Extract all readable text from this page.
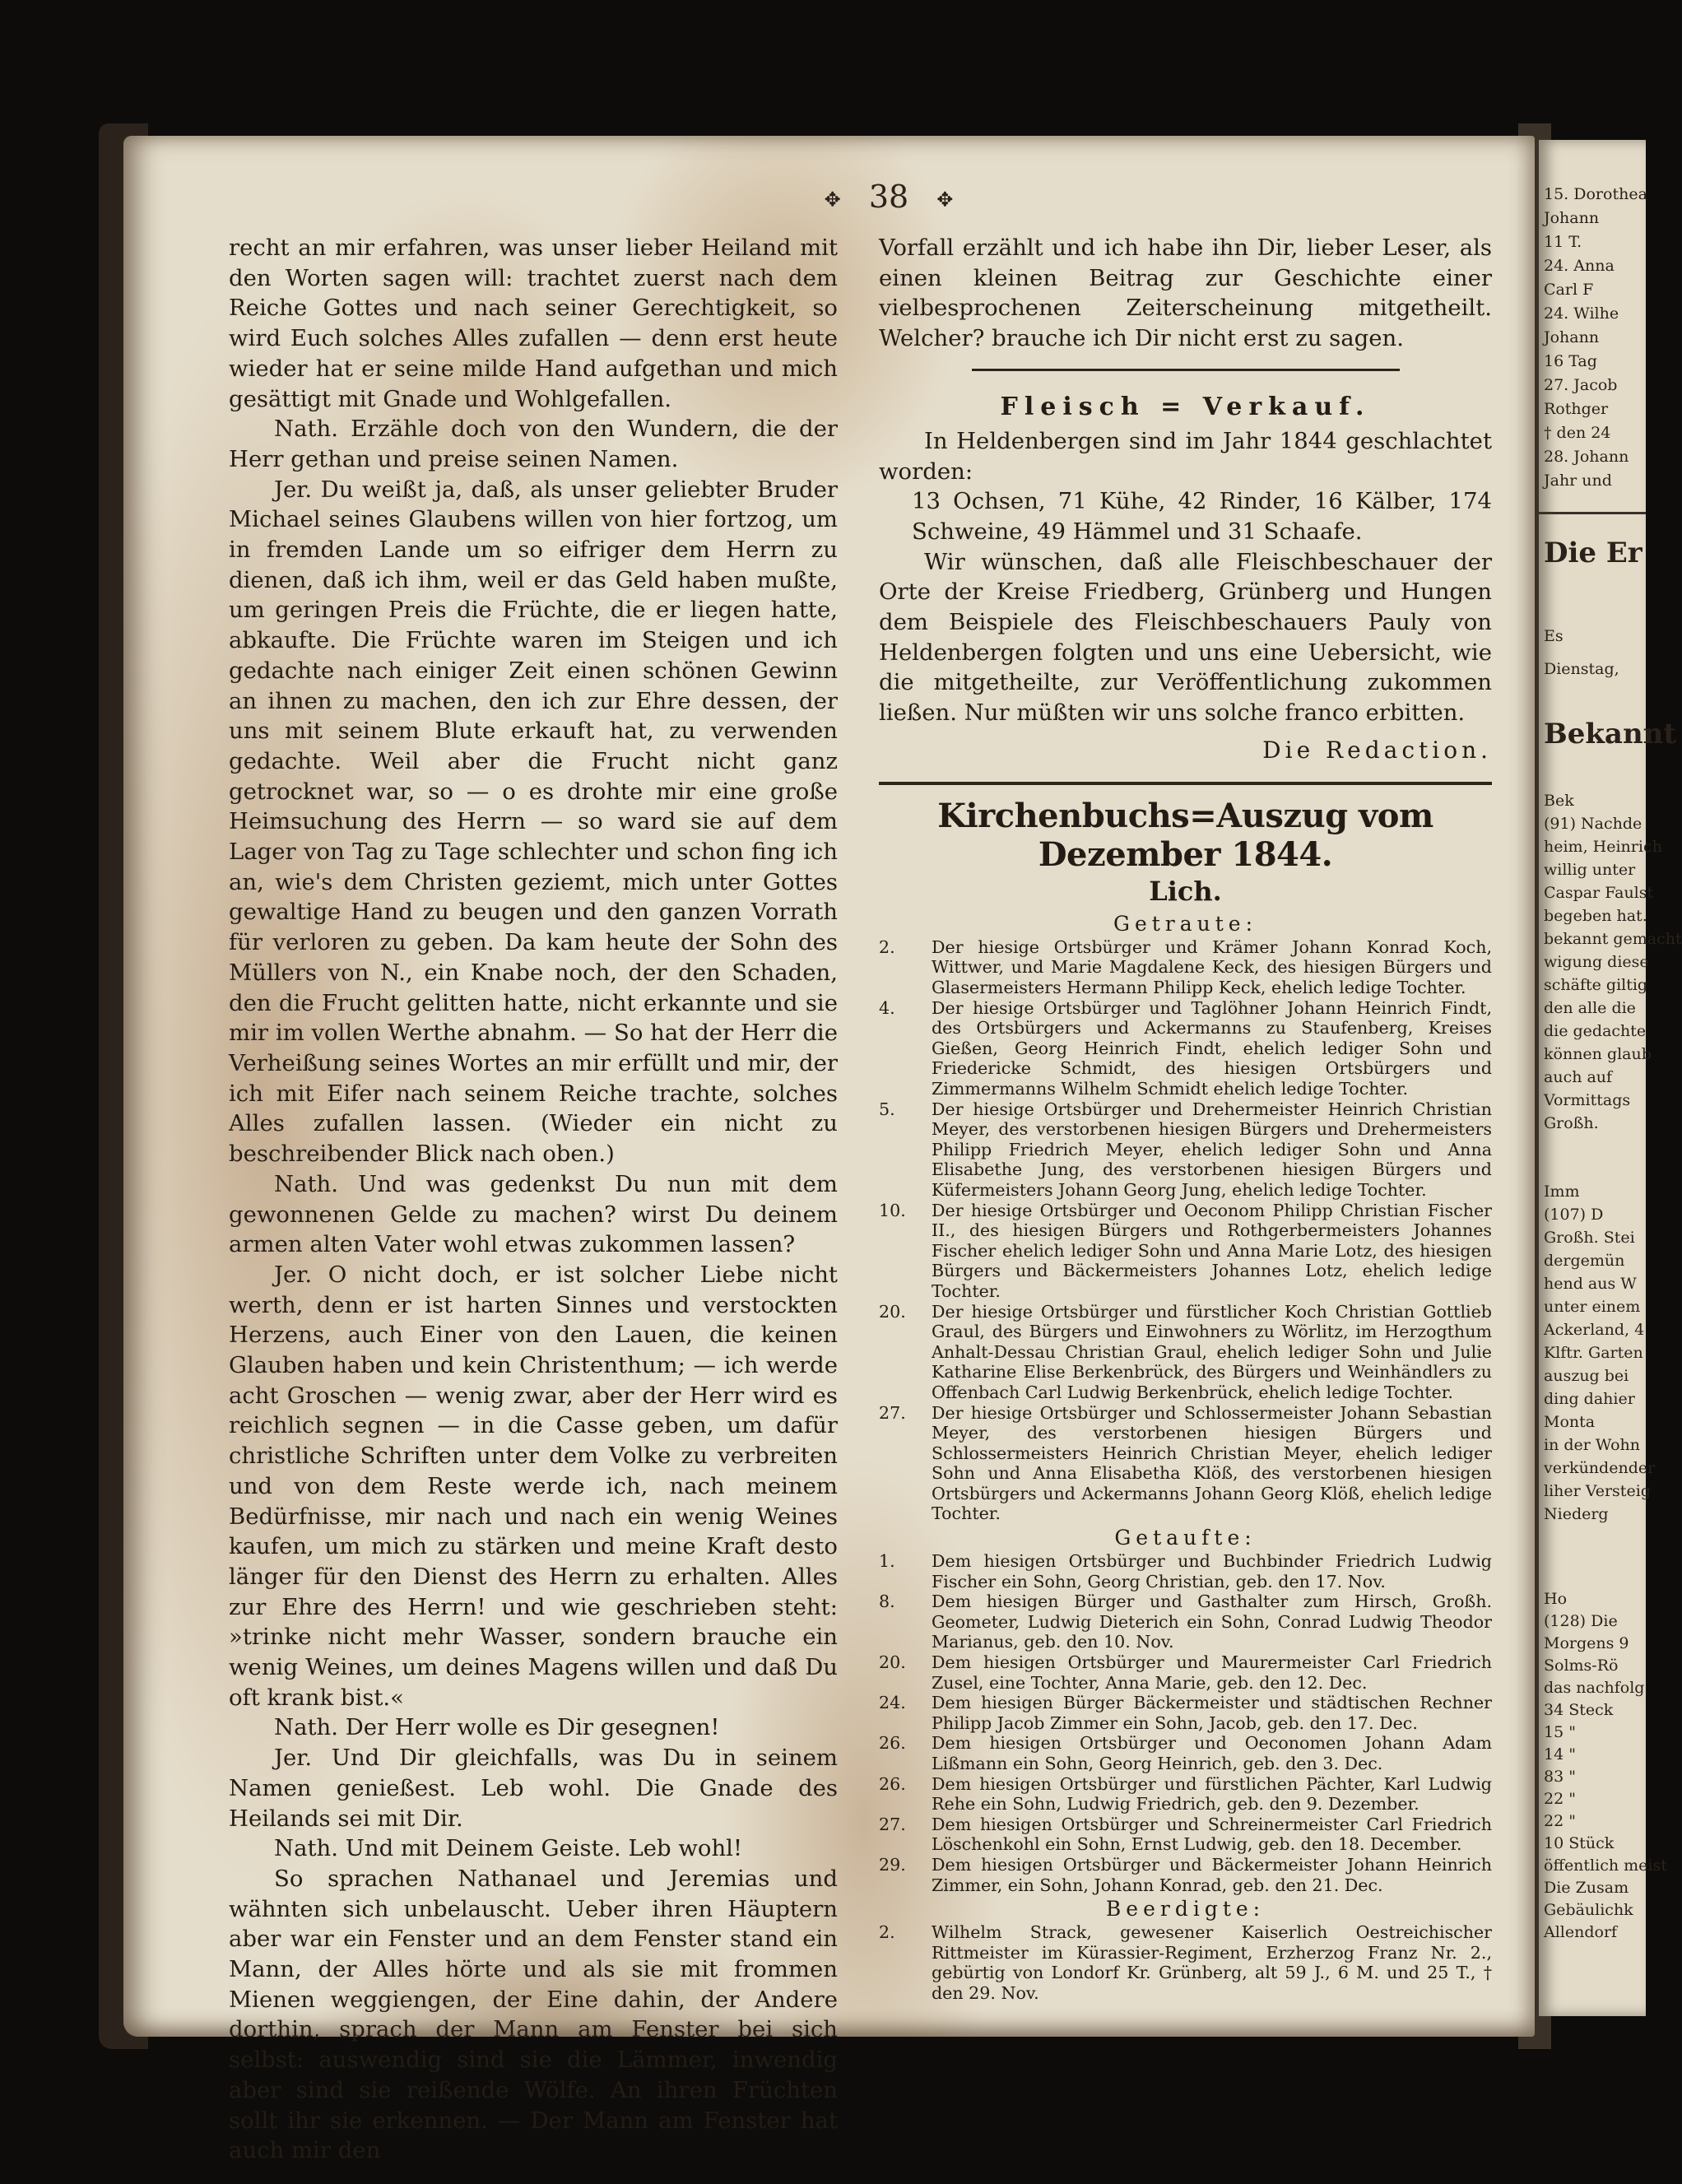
15. Dorothea
Johann
11 T.
24. Anna
Carl F
24. Wilhe
Johann
16 Tag
27. Jacob
Rothger
† den 24
28. Johann
Jahr und
Die Er
Es
Dienstag,
Bekannt
Bek
(91) Nachde
heim, Heinrich
willig unter
Caspar Faulst
begeben hat.
bekannt gemacht
wigung diese
schäfte giltig
den alle die
die gedachte
können glaub
auch auf
Vormittags
Großh.
Imm
(107) D
Großh. Stei
dergemün
hend aus W
unter einem
Ackerland, 4
Klftr. Garten
auszug bei
ding dahier
Monta
in der Wohn
verkündender
liher Versteig
Niederg
Ho
(128) Die
Morgens 9
Solms-Rö
das nachfolg
34 Steck
15 "
14 "
83 "
22 "
22 "
10 Stück
öffentlich meist
Die Zusam
Gebäulichk
Allendorf
✥ 38 ✥

recht an mir erfahren, was unser lieber Heiland mit den Worten sagen will: trachtet zuerst nach dem Reiche Gottes und nach seiner Gerechtigkeit, so wird Euch solches Alles zufallen — denn erst heute wieder hat er seine milde Hand aufgethan und mich gesättigt mit Gnade und Wohlgefallen.

Nath. Erzähle doch von den Wundern, die der Herr gethan und preise seinen Namen.

Jer. Du weißt ja, daß, als unser geliebter Bruder Michael seines Glaubens willen von hier fortzog, um in fremden Lande um so eifriger dem Herrn zu dienen, daß ich ihm, weil er das Geld haben mußte, um geringen Preis die Früchte, die er liegen hatte, abkaufte. Die Früchte waren im Steigen und ich gedachte nach einiger Zeit einen schönen Gewinn an ihnen zu machen, den ich zur Ehre dessen, der uns mit seinem Blute erkauft hat, zu verwenden gedachte. Weil aber die Frucht nicht ganz getrocknet war, so — o es drohte mir eine große Heimsuchung des Herrn — so ward sie auf dem Lager von Tag zu Tage schlechter und schon fing ich an, wie's dem Christen geziemt, mich unter Gottes gewaltige Hand zu beugen und den ganzen Vorrath für verloren zu geben. Da kam heute der Sohn des Müllers von N., ein Knabe noch, der den Schaden, den die Frucht gelitten hatte, nicht erkannte und sie mir im vollen Werthe abnahm. — So hat der Herr die Verheißung seines Wortes an mir erfüllt und mir, der ich mit Eifer nach seinem Reiche trachte, solches Alles zufallen lassen. (Wieder ein nicht zu beschreibender Blick nach oben.)

Nath. Und was gedenkst Du nun mit dem gewonnenen Gelde zu machen? wirst Du deinem armen alten Vater wohl etwas zukommen lassen?

Jer. O nicht doch, er ist solcher Liebe nicht werth, denn er ist harten Sinnes und verstockten Herzens, auch Einer von den Lauen, die keinen Glauben haben und kein Christenthum; — ich werde acht Groschen — wenig zwar, aber der Herr wird es reichlich segnen — in die Casse geben, um dafür christliche Schriften unter dem Volke zu verbreiten und von dem Reste werde ich, nach meinem Bedürfnisse, mir nach und nach ein wenig Weines kaufen, um mich zu stärken und meine Kraft desto länger für den Dienst des Herrn zu erhalten. Alles zur Ehre des Herrn! und wie geschrieben steht: »trinke nicht mehr Wasser, sondern brauche ein wenig Weines, um deines Magens willen und daß Du oft krank bist.«

Nath. Der Herr wolle es Dir gesegnen!

Jer. Und Dir gleichfalls, was Du in seinem Namen genießest. Leb wohl. Die Gnade des Heilands sei mit Dir.

Nath. Und mit Deinem Geiste. Leb wohl!

So sprachen Nathanael und Jeremias und wähnten sich unbelauscht. Ueber ihren Häuptern aber war ein Fenster und an dem Fenster stand ein Mann, der Alles hörte und als sie mit frommen Mienen weggiengen, der Eine dahin, der Andere dorthin, sprach der Mann am Fenster bei sich selbst: auswendig sind sie die Lämmer, inwendig aber sind sie reißende Wölfe. An ihren Früchten sollt ihr sie erkennen. — Der Mann am Fenster hat auch mir den

Vorfall erzählt und ich habe ihn Dir, lieber Leser, als einen kleinen Beitrag zur Geschichte einer vielbesprochenen Zeiterscheinung mitgetheilt. Welcher? brauche ich Dir nicht erst zu sagen.

Fleisch = Verkauf.

In Heldenbergen sind im Jahr 1844 geschlachtet worden:

13 Ochsen, 71 Kühe, 42 Rinder, 16 Kälber, 174 Schweine, 49 Hämmel und 31 Schaafe.

Wir wünschen, daß alle Fleischbeschauer der Orte der Kreise Friedberg, Grünberg und Hungen dem Beispiele des Fleischbeschauers Pauly von Heldenbergen folgten und uns eine Uebersicht, wie die mitgetheilte, zur Veröffentlichung zukommen ließen. Nur müßten wir uns solche franco erbitten.

Die Redaction.
Kirchenbuchs=Auszug vom Dezember 1844.
Lich.
Getraute:
2.	Der hiesige Ortsbürger und Krämer Johann Konrad Koch, Wittwer, und Marie Magdalene Keck, des hiesigen Bürgers und Glasermeisters Hermann Philipp Keck, ehelich ledige Tochter.
4.	Der hiesige Ortsbürger und Taglöhner Johann Heinrich Findt, des Ortsbürgers und Ackermanns zu Staufenberg, Kreises Gießen, Georg Heinrich Findt, ehelich lediger Sohn und Friedericke Schmidt, des hiesigen Ortsbürgers und Zimmermanns Wilhelm Schmidt ehelich ledige Tochter.
5.	Der hiesige Ortsbürger und Drehermeister Heinrich Christian Meyer, des verstorbenen hiesigen Bürgers und Drehermeisters Philipp Friedrich Meyer, ehelich lediger Sohn und Anna Elisabethe Jung, des verstorbenen hiesigen Bürgers und Küfermeisters Johann Georg Jung, ehelich ledige Tochter.
10.	Der hiesige Ortsbürger und Oeconom Philipp Christian Fischer II., des hiesigen Bürgers und Rothgerbermeisters Johannes Fischer ehelich lediger Sohn und Anna Marie Lotz, des hiesigen Bürgers und Bäckermeisters Johannes Lotz, ehelich ledige Tochter.
20.	Der hiesige Ortsbürger und fürstlicher Koch Christian Gottlieb Graul, des Bürgers und Einwohners zu Wörlitz, im Herzogthum Anhalt-Dessau Christian Graul, ehelich lediger Sohn und Julie Katharine Elise Berkenbrück, des Bürgers und Weinhändlers zu Offenbach Carl Ludwig Berkenbrück, ehelich ledige Tochter.
27.	Der hiesige Ortsbürger und Schlossermeister Johann Sebastian Meyer, des verstorbenen hiesigen Bürgers und Schlossermeisters Heinrich Christian Meyer, ehelich lediger Sohn und Anna Elisabetha Klöß, des verstorbenen hiesigen Ortsbürgers und Ackermanns Johann Georg Klöß, ehelich ledige Tochter.
Getaufte:
1.	Dem hiesigen Ortsbürger und Buchbinder Friedrich Ludwig Fischer ein Sohn, Georg Christian, geb. den 17. Nov.
8.	Dem hiesigen Bürger und Gasthalter zum Hirsch, Großh. Geometer, Ludwig Dieterich ein Sohn, Conrad Ludwig Theodor Marianus, geb. den 10. Nov.
20.	Dem hiesigen Ortsbürger und Maurermeister Carl Friedrich Zusel, eine Tochter, Anna Marie, geb. den 12. Dec.
24.	Dem hiesigen Bürger Bäckermeister und städtischen Rechner Philipp Jacob Zimmer ein Sohn, Jacob, geb. den 17. Dec.
26.	Dem hiesigen Ortsbürger und Oeconomen Johann Adam Lißmann ein Sohn, Georg Heinrich, geb. den 3. Dec.
26.	Dem hiesigen Ortsbürger und fürstlichen Pächter, Karl Ludwig Rehe ein Sohn, Ludwig Friedrich, geb. den 9. Dezember.
27.	Dem hiesigen Ortsbürger und Schreinermeister Carl Friedrich Löschenkohl ein Sohn, Ernst Ludwig, geb. den 18. December.
29.	Dem hiesigen Ortsbürger und Bäckermeister Johann Heinrich Zimmer, ein Sohn, Johann Konrad, geb. den 21. Dec.
Beerdigte:
2.	Wilhelm Strack, gewesener Kaiserlich Oestreichischer Rittmeister im Kürassier-Regiment, Erzherzog Franz Nr. 2., gebürtig von Londorf Kr. Grünberg, alt 59 J., 6 M. und 25 T., † den 29. Nov.
